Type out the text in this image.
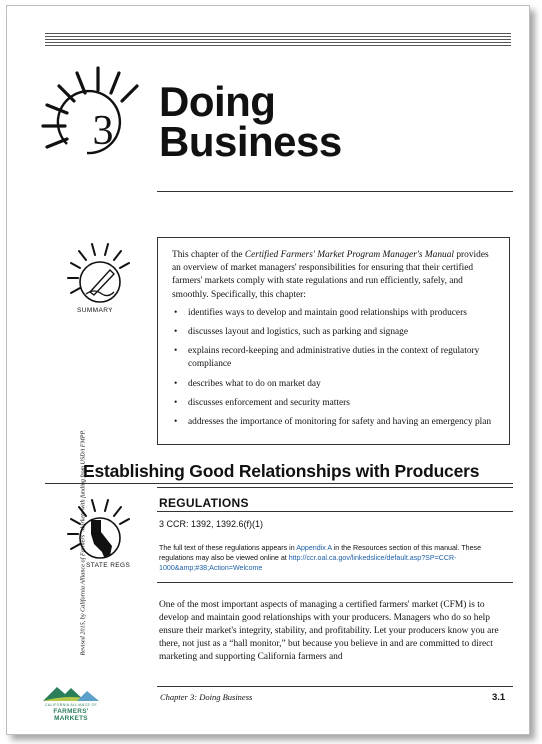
3
Doing
Business
SUMMARY

This chapter of the Certified Farmers' Market Program Manager's Manual provides an overview of market managers' responsibilities for ensuring that their certified farmers' markets comply with state regulations and run efficiently, safely, and smoothly. Specifically, this chapter:

• identifies ways to develop and maintain good relationships with producers
• discusses layout and logistics, such as parking and signage
• explains record-keeping and administrative duties in the context of regulatory compliance
• describes what to do on market day
• discusses enforcement and security matters
• addresses the importance of monitoring for safety and having an emergency plan
Establishing Good Relationships with Producers
STATE REGS
REGULATIONS
3 CCR: 1392, 1392.6(f)(1)
The full text of these regulations appears in Appendix A in the Resources section of this manual. These regulations may also be viewed online at http://ccr.oal.ca.gov/linkedslice/default.asp?SP=CCR-1000&amp;#38;Action=Welcome
One of the most important aspects of managing a certified farmers' market (CFM) is to develop and maintain good relationships with your producers. Managers who do so help ensure their market's integrity, stability, and profitability. Let your producers know you are there, not just as a “hall monitor,” but because you believe in and are committed to direct marketing and supporting California farmers and
Revised 2015, by California Alliance of Farmers' Markets with funding from USDA FMPP.
Chapter 3: Doing Business	3.1
CALIFORNIA ALLIANCE OF
FARMERS' MARKETS
